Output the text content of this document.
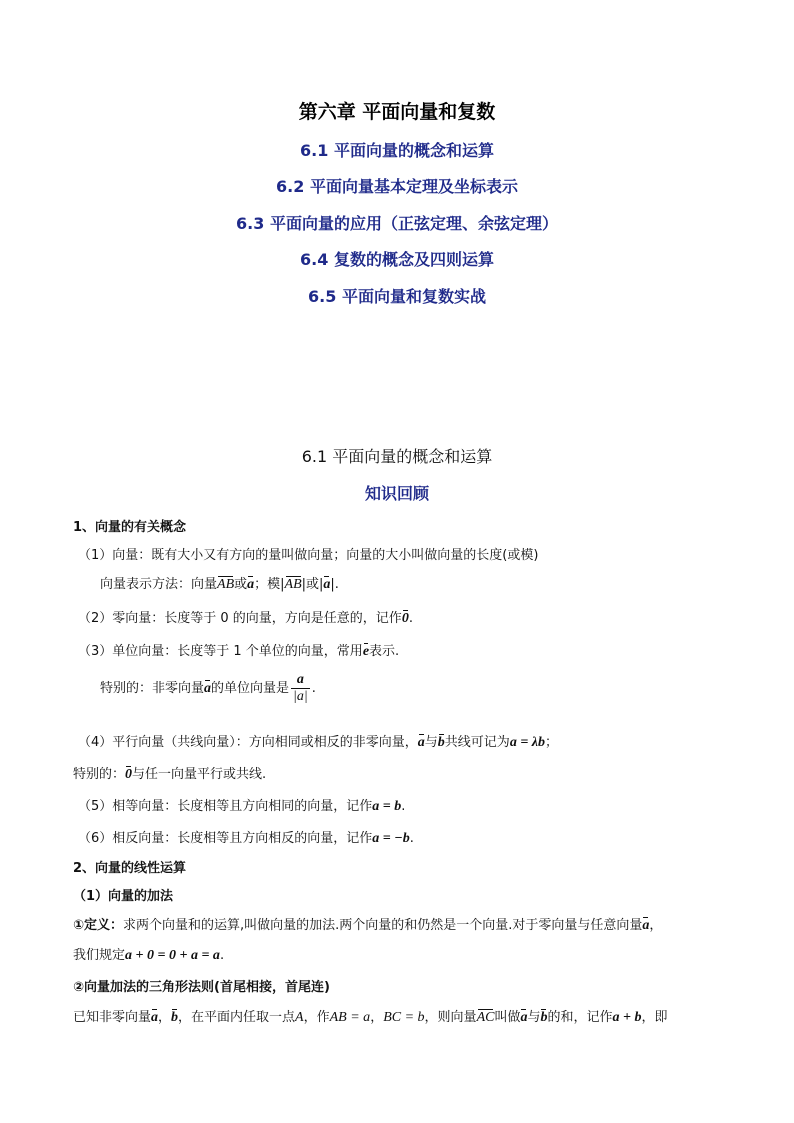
第六章 平面向量和复数
6.1 平面向量的概念和运算
6.2 平面向量基本定理及坐标表示
6.3 平面向量的应用（正弦定理、余弦定理）
6.4 复数的概念及四则运算
6.5 平面向量和复数实战
6.1 平面向量的概念和运算
知识回顾
1、向量的有关概念
（1）向量：既有大小又有方向的量叫做向量；向量的大小叫做向量的长度(或模)
向量表示方法：向量AB或a；模|AB|或|a|.
（2）零向量：长度等于 0 的向量，方向是任意的，记作0.
（3）单位向量：长度等于 1 个单位的向量，常用e表示.
特别的：非零向量a的单位向量是 $\frac{a}{|a|}$ .
（4）平行向量（共线向量）：方向相同或相反的非零向量，a与b共线可记为a = λb；
特别的：0与任一向量平行或共线.
（5）相等向量：长度相等且方向相同的向量，记作a = b.
（6）相反向量：长度相等且方向相反的向量，记作a = −b.
2、向量的线性运算
（1）向量的加法
①定义：求两个向量和的运算,叫做向量的加法.两个向量的和仍然是一个向量.对于零向量与任意向量a，
我们规定a + 0 = 0 + a = a.
②向量加法的三角形法则(首尾相接，首尾连)
已知非零向量a，b，在平面内任取一点A，作AB = a，BC = b，则向量AC叫做a与b的和，记作a + b，即
